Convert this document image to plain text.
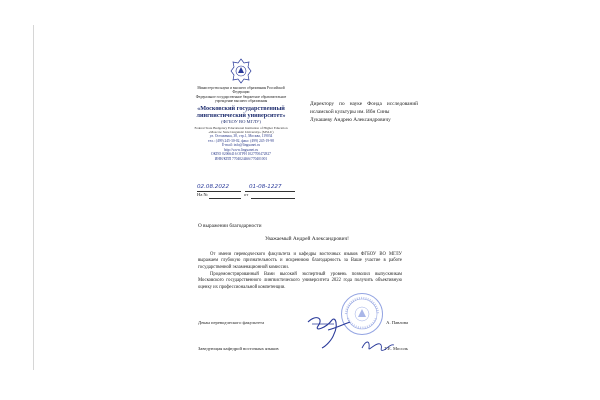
Министерство науки и высшего образования Российской Федерации
Федеральное государственное бюджетное образовательное учреждение высшего образования
«Московский государственный лингвистический университет»
(ФГБОУ ВО МГЛУ)
Federal State Budgetary Educational Institution of Higher Education «Moscow State Linguistic University» (MSLU)
ул. Остоженка, 38, стр.1, Москва, 119034
тел.: (499) 245-30-02, факс: (499) 245-19-98
E-mail: info@linguanet.ru
http://www.linguanet.ru
ОКПО 02066416 ОГРН 1027700472827
ИНН/КПП 7704024466/770401001
02.08.2022	01-08-1227
На №	от
Директору по науке Фонда исследований исламской культуры им. Ибн Сины
Лукашеву Андрею Александровичу
О выражении благодарности
Уважаемый Андрей Александрович!
От имени переводческого факультета и кафедры восточных языков ФГБОУ ВО МГЛУ выражаем глубокую признательность и искреннюю благодарность за Ваше участие в работе государственной экзаменационной комиссии.
Продемонстрированный Вами высокий экспертный уровень позволил выпускникам Московского государственного лингвистического университета 2022 года получить объективную оценку их профессиональной компетенции.
Декан переводческого факультета	А. Павлова
Заведующая кафедрой восточных языков	Т.Е. Мосоль
